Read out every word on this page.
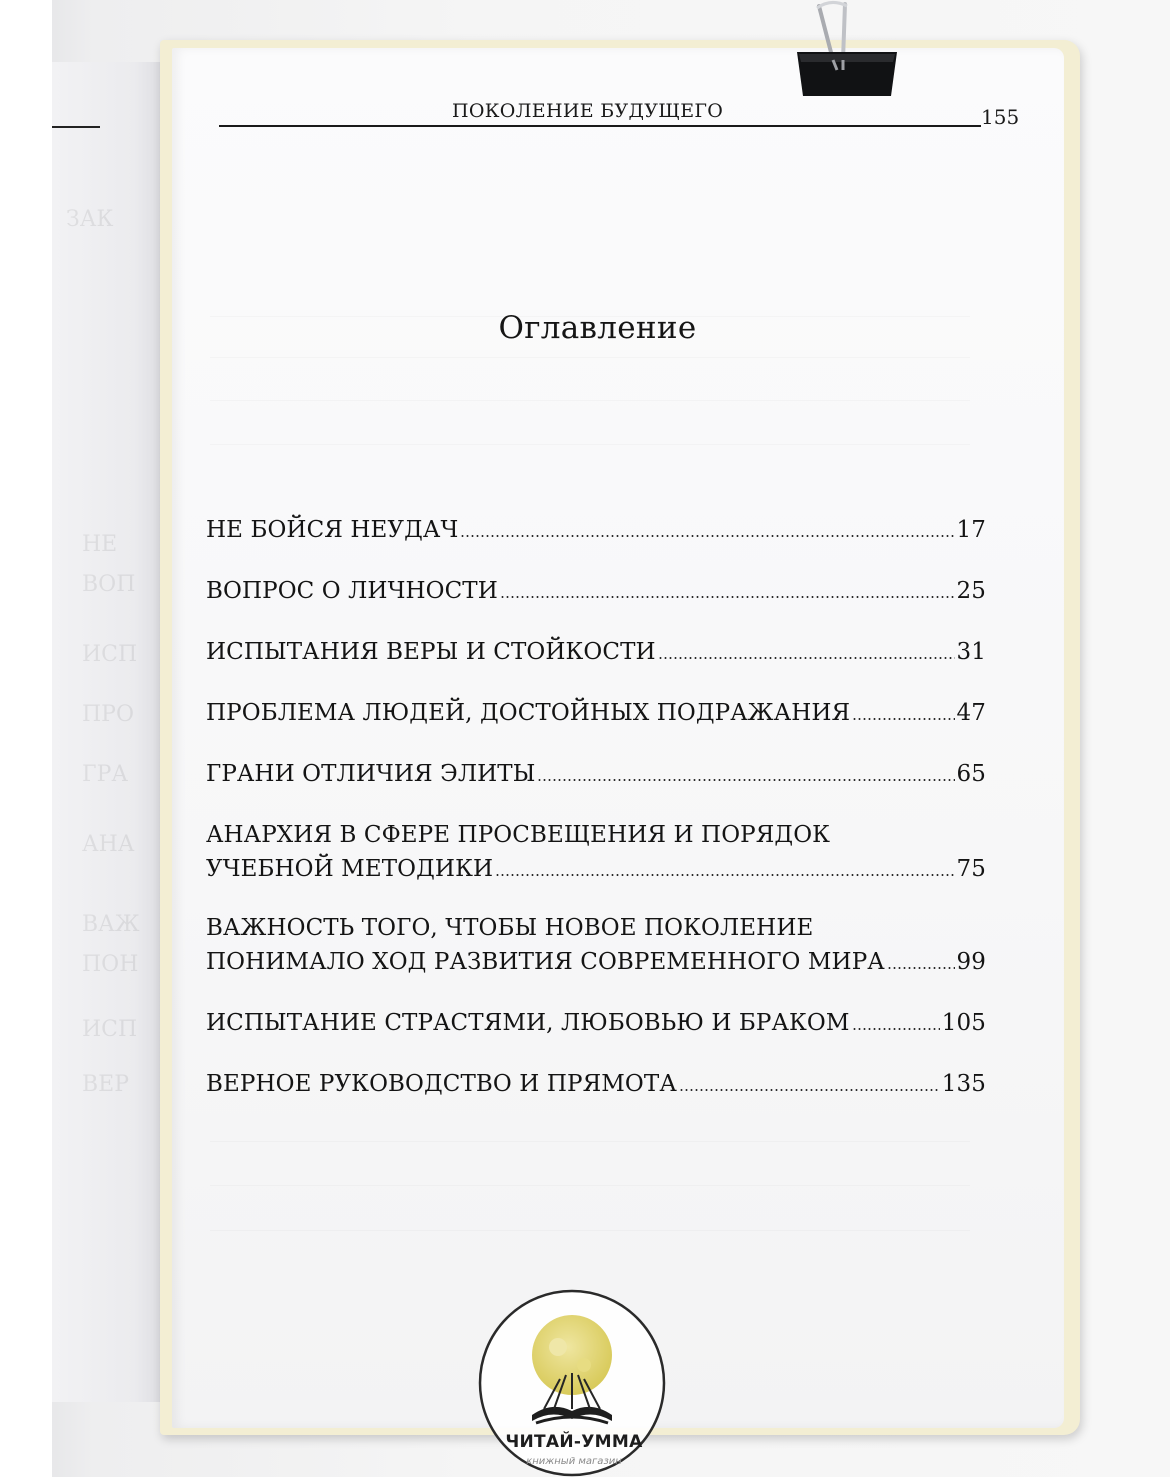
ЗАК
НЕ
ВОП
ИСП
ПРО
ГРА
АНА
ВАЖ
ПОН
ИСП
ВЕР
ПОКОЛЕНИЕ БУДУЩЕГО	155
Оглавление
НЕ БОЙСЯ НЕУДАЧ	17
ВОПРОС О ЛИЧНОСТИ	25
ИСПЫТАНИЯ ВЕРЫ И СТОЙКОСТИ	31
ПРОБЛЕМА ЛЮДЕЙ, ДОСТОЙНЫХ ПОДРАЖАНИЯ	47
ГРАНИ ОТЛИЧИЯ ЭЛИТЫ	65
АНАРХИЯ В СФЕРЕ ПРОСВЕЩЕНИЯ И ПОРЯДОК
УЧЕБНОЙ МЕТОДИКИ	75
ВАЖНОСТЬ ТОГО, ЧТОБЫ НОВОЕ ПОКОЛЕНИЕ
ПОНИМАЛО ХОД РАЗВИТИЯ СОВРЕМЕННОГО МИРА	99
ИСПЫТАНИЕ СТРАСТЯМИ, ЛЮБОВЬЮ И БРАКОМ	105
ВЕРНОЕ РУКОВОДСТВО И ПРЯМОТА	135
ЧИТАЙ-УММА
книжный магазин
